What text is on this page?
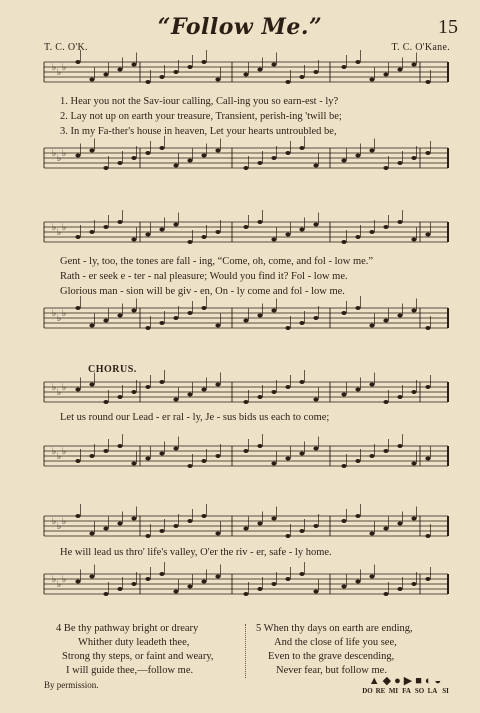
“Follow Me.”	15
T. C. O'K.	T. C. O'Kane.
♭ ♭ ♭
1. Hear you not the Sav-iour calling, Call-ing you so earn-est - ly?
2. Lay not up on earth your treasure, Transient, perish-ing 'twill be;
3. In my Fa-ther's house in heaven, Let your hearts untroubled be,
♭ ♭ ♭
♭ ♭ ♭
Gent - ly, too, the tones are fall - ing, “Come, oh, come, and fol - low me.”
Rath - er seek e - ter - nal pleasure; Would you find it? Fol - low me.
Glorious man - sion will be giv - en, On - ly come and fol - low me.
♭ ♭ ♭
CHORUS.
♭ ♭ ♭
Let us round our Lead - er ral - ly, Je - sus bids us each to come;
♭ ♭ ♭
♭ ♭ ♭
He will lead us thro' life's valley, O'er the riv - er, safe - ly home.
♭ ♭ ♭
4 Be thy pathway bright or dreary
Whither duty leadeth thee,
Strong thy steps, or faint and weary,
I will guide thee,—follow me.
5 When thy days on earth are ending,
And the close of life you see,
Even to the grave descending,
Never fear, but follow me.
By permission.	▲◆●▶■◐◒
DO RE MI FA SO LA SI
